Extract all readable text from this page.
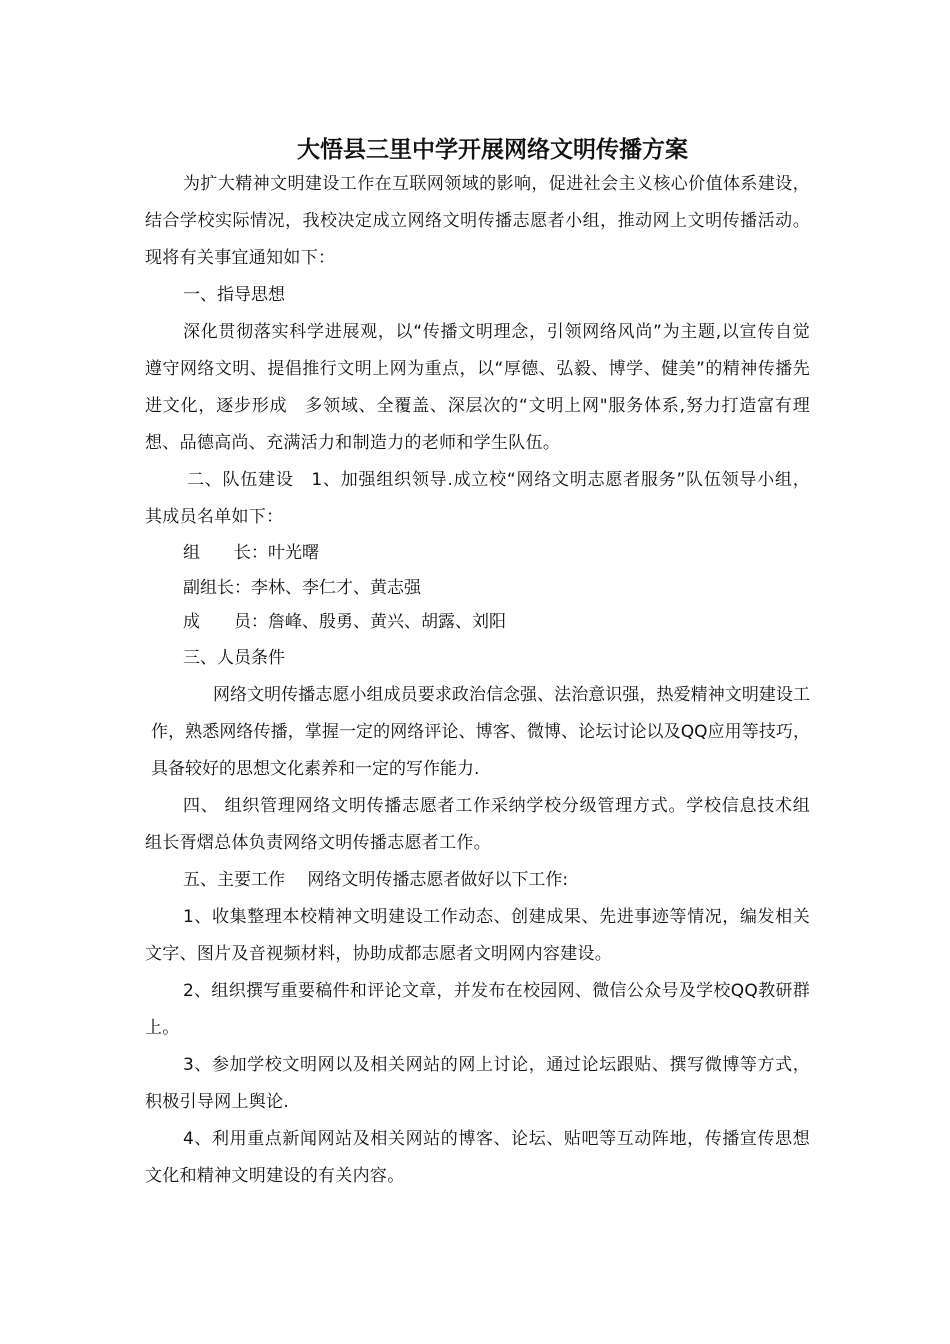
大悟县三里中学开展网络文明传播方案

为扩大精神文明建设工作在互联网领域的影响，促进社会主义核心价值体系建设，结合学校实际情况，我校决定成立网络文明传播志愿者小组，推动网上文明传播活动。现将有关事宜通知如下：

一、指导思想

深化贯彻落实科学进展观，以“传播文明理念，引领网络风尚”为主题,以宣传自觉遵守网络文明、提倡推行文明上网为重点，以“厚德、弘毅、博学、健美”的精神传播先进文化，逐步形成　多领域、全覆盖、深层次的“文明上网"服务体系,努力打造富有理想、品德高尚、充满活力和制造力的老师和学生队伍。

二、队伍建设　1、加强组织领导.成立校“网络文明志愿者服务”队伍领导小组，其成员名单如下：

组　　长：叶光曙

副组长：李林、李仁才、黄志强

成　　员：詹峰、殷勇、黄兴、胡露、刘阳

三、人员条件

网络文明传播志愿小组成员要求政治信念强、法治意识强，热爱精神文明建设工作，熟悉网络传播，掌握一定的网络评论、博客、微博、论坛讨论以及QQ应用等技巧，具备较好的思想文化素养和一定的写作能力.

四、 组织管理网络文明传播志愿者工作采纳学校分级管理方式。学校信息技术组组长胥熠总体负责网络文明传播志愿者工作。

五、主要工作　 网络文明传播志愿者做好以下工作:

1、收集整理本校精神文明建设工作动态、创建成果、先进事迹等情况，编发相关文字、图片及音视频材料，协助成都志愿者文明网内容建设。

2、组织撰写重要稿件和评论文章，并发布在校园网、微信公众号及学校QQ教研群上。

3、参加学校文明网以及相关网站的网上讨论，通过论坛跟贴、撰写微博等方式，积极引导网上舆论.

4、利用重点新闻网站及相关网站的博客、论坛、贴吧等互动阵地，传播宣传思想文化和精神文明建设的有关内容。
